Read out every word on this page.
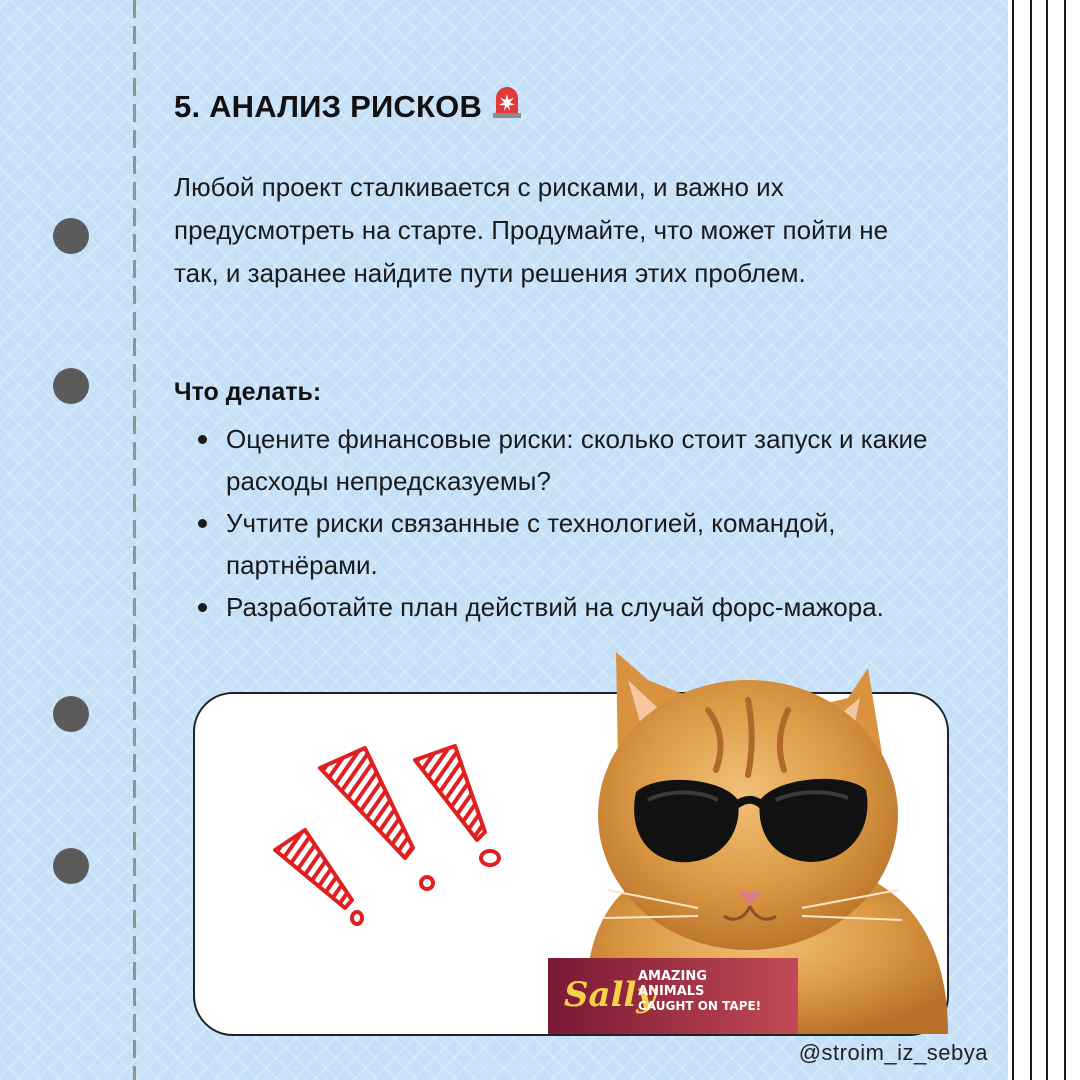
5. АНАЛИЗ РИСКОВ

Любой проект сталкивается с рисками, и важно их предусмотреть на старте. Продумайте, что может пойти не так, и заранее найдите пути решения этих проблем.

Что делать:
Оцените финансовые риски: сколько стоит запуск и какие расходы непредсказуемы?
Учтите риски связанные с технологией, командой, партнёрами.
Разработайте план действий на случай форс-мажора.
Sally
AMAZING
ANIMALS
CAUGHT ON TAPE!

@stroim_iz_sebya
